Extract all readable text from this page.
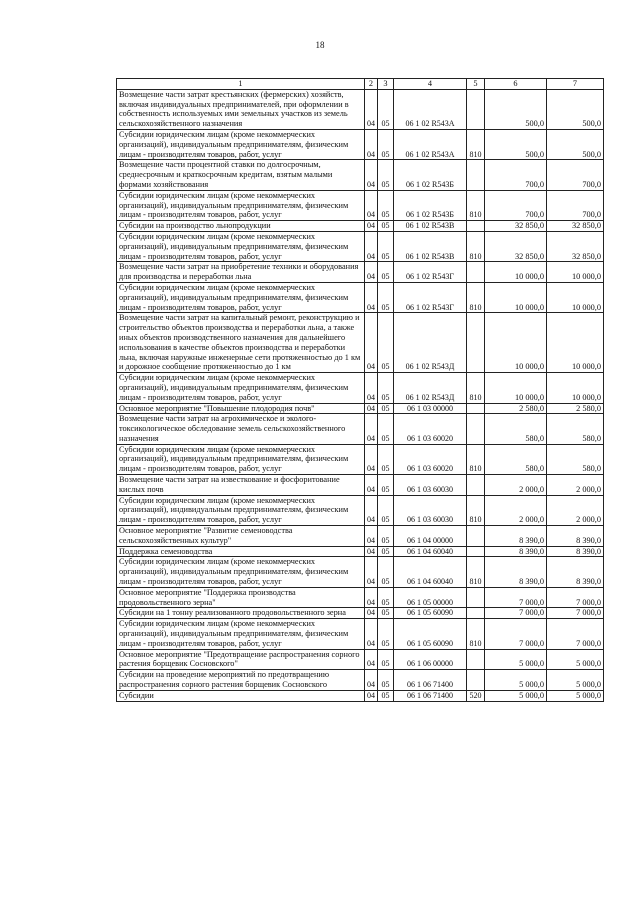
18
1	2	3	4	5	6	7
Возмещение части затрат крестьянских (фермерских) хозяйств, включая индивидуальных предпринимателей, при оформлении в собственность используемых ими земельных участков из земель сельскохозяйственного назначения	04	05	06 1 02 R543А		500,0	500,0
Субсидии юридическим лицам (кроме некоммерческих организаций), индивидуальным предпринимателям, физическим лицам - производителям товаров, работ, услуг	04	05	06 1 02 R543А	810	500,0	500,0
Возмещение части процентной ставки по долгосрочным, среднесрочным и краткосрочным кредитам, взятым малыми формами хозяйствования	04	05	06 1 02 R543Б		700,0	700,0
Субсидии юридическим лицам (кроме некоммерческих организаций), индивидуальным предпринимателям, физическим лицам - производителям товаров, работ, услуг	04	05	06 1 02 R543Б	810	700,0	700,0
Субсидии на производство льнопродукции	04	05	06 1 02 R543В		32 850,0	32 850,0
Субсидии юридическим лицам (кроме некоммерческих организаций), индивидуальным предпринимателям, физическим лицам - производителям товаров, работ, услуг	04	05	06 1 02 R543В	810	32 850,0	32 850,0
Возмещение части затрат на приобретение техники и оборудования для производства и переработки льна	04	05	06 1 02 R543Г		10 000,0	10 000,0
Субсидии юридическим лицам (кроме некоммерческих организаций), индивидуальным предпринимателям, физическим лицам - производителям товаров, работ, услуг	04	05	06 1 02 R543Г	810	10 000,0	10 000,0
Возмещение части затрат на капитальный ремонт, реконструкцию и строительство объектов производства и переработки льна, а также иных объектов производственного назначения для дальнейшего использования в качестве объектов производства и переработки льна, включая наружные инженерные сети протяженностью до 1 км и дорожное сообщение протяженностью до 1 км	04	05	06 1 02 R543Д		10 000,0	10 000,0
Субсидии юридическим лицам (кроме некоммерческих организаций), индивидуальным предпринимателям, физическим лицам - производителям товаров, работ, услуг	04	05	06 1 02 R543Д	810	10 000,0	10 000,0
Основное мероприятие "Повышение плодородия почв"	04	05	06 1 03 00000		2 580,0	2 580,0
Возмещение части затрат на агрохимическое и эколого-токсикологическое обследование земель сельскохозяйственного назначения	04	05	06 1 03 60020		580,0	580,0
Субсидии юридическим лицам (кроме некоммерческих организаций), индивидуальным предпринимателям, физическим лицам - производителям товаров, работ, услуг	04	05	06 1 03 60020	810	580,0	580,0
Возмещение части затрат на известкование и фосфоритование кислых почв	04	05	06 1 03 60030		2 000,0	2 000,0
Субсидии юридическим лицам (кроме некоммерческих организаций), индивидуальным предпринимателям, физическим лицам - производителям товаров, работ, услуг	04	05	06 1 03 60030	810	2 000,0	2 000,0
Основное мероприятие "Развитие семеноводства сельскохозяйственных культур"	04	05	06 1 04 00000		8 390,0	8 390,0
Поддержка семеноводства	04	05	06 1 04 60040		8 390,0	8 390,0
Субсидии юридическим лицам (кроме некоммерческих организаций), индивидуальным предпринимателям, физическим лицам - производителям товаров, работ, услуг	04	05	06 1 04 60040	810	8 390,0	8 390,0
Основное мероприятие "Поддержка производства продовольственного зерна"	04	05	06 1 05 00000		7 000,0	7 000,0
Субсидии на 1 тонну реализованного продовольственного зерна	04	05	06 1 05 60090		7 000,0	7 000,0
Субсидии юридическим лицам (кроме некоммерческих организаций), индивидуальным предпринимателям, физическим лицам - производителям товаров, работ, услуг	04	05	06 1 05 60090	810	7 000,0	7 000,0
Основное мероприятие "Предотвращение распространения сорного растения борщевик Сосновского"	04	05	06 1 06 00000		5 000,0	5 000,0
Субсидии на проведение мероприятий по предотвращению распространения сорного растения борщевик Сосновского	04	05	06 1 06 71400		5 000,0	5 000,0
Субсидии	04	05	06 1 06 71400	520	5 000,0	5 000,0
